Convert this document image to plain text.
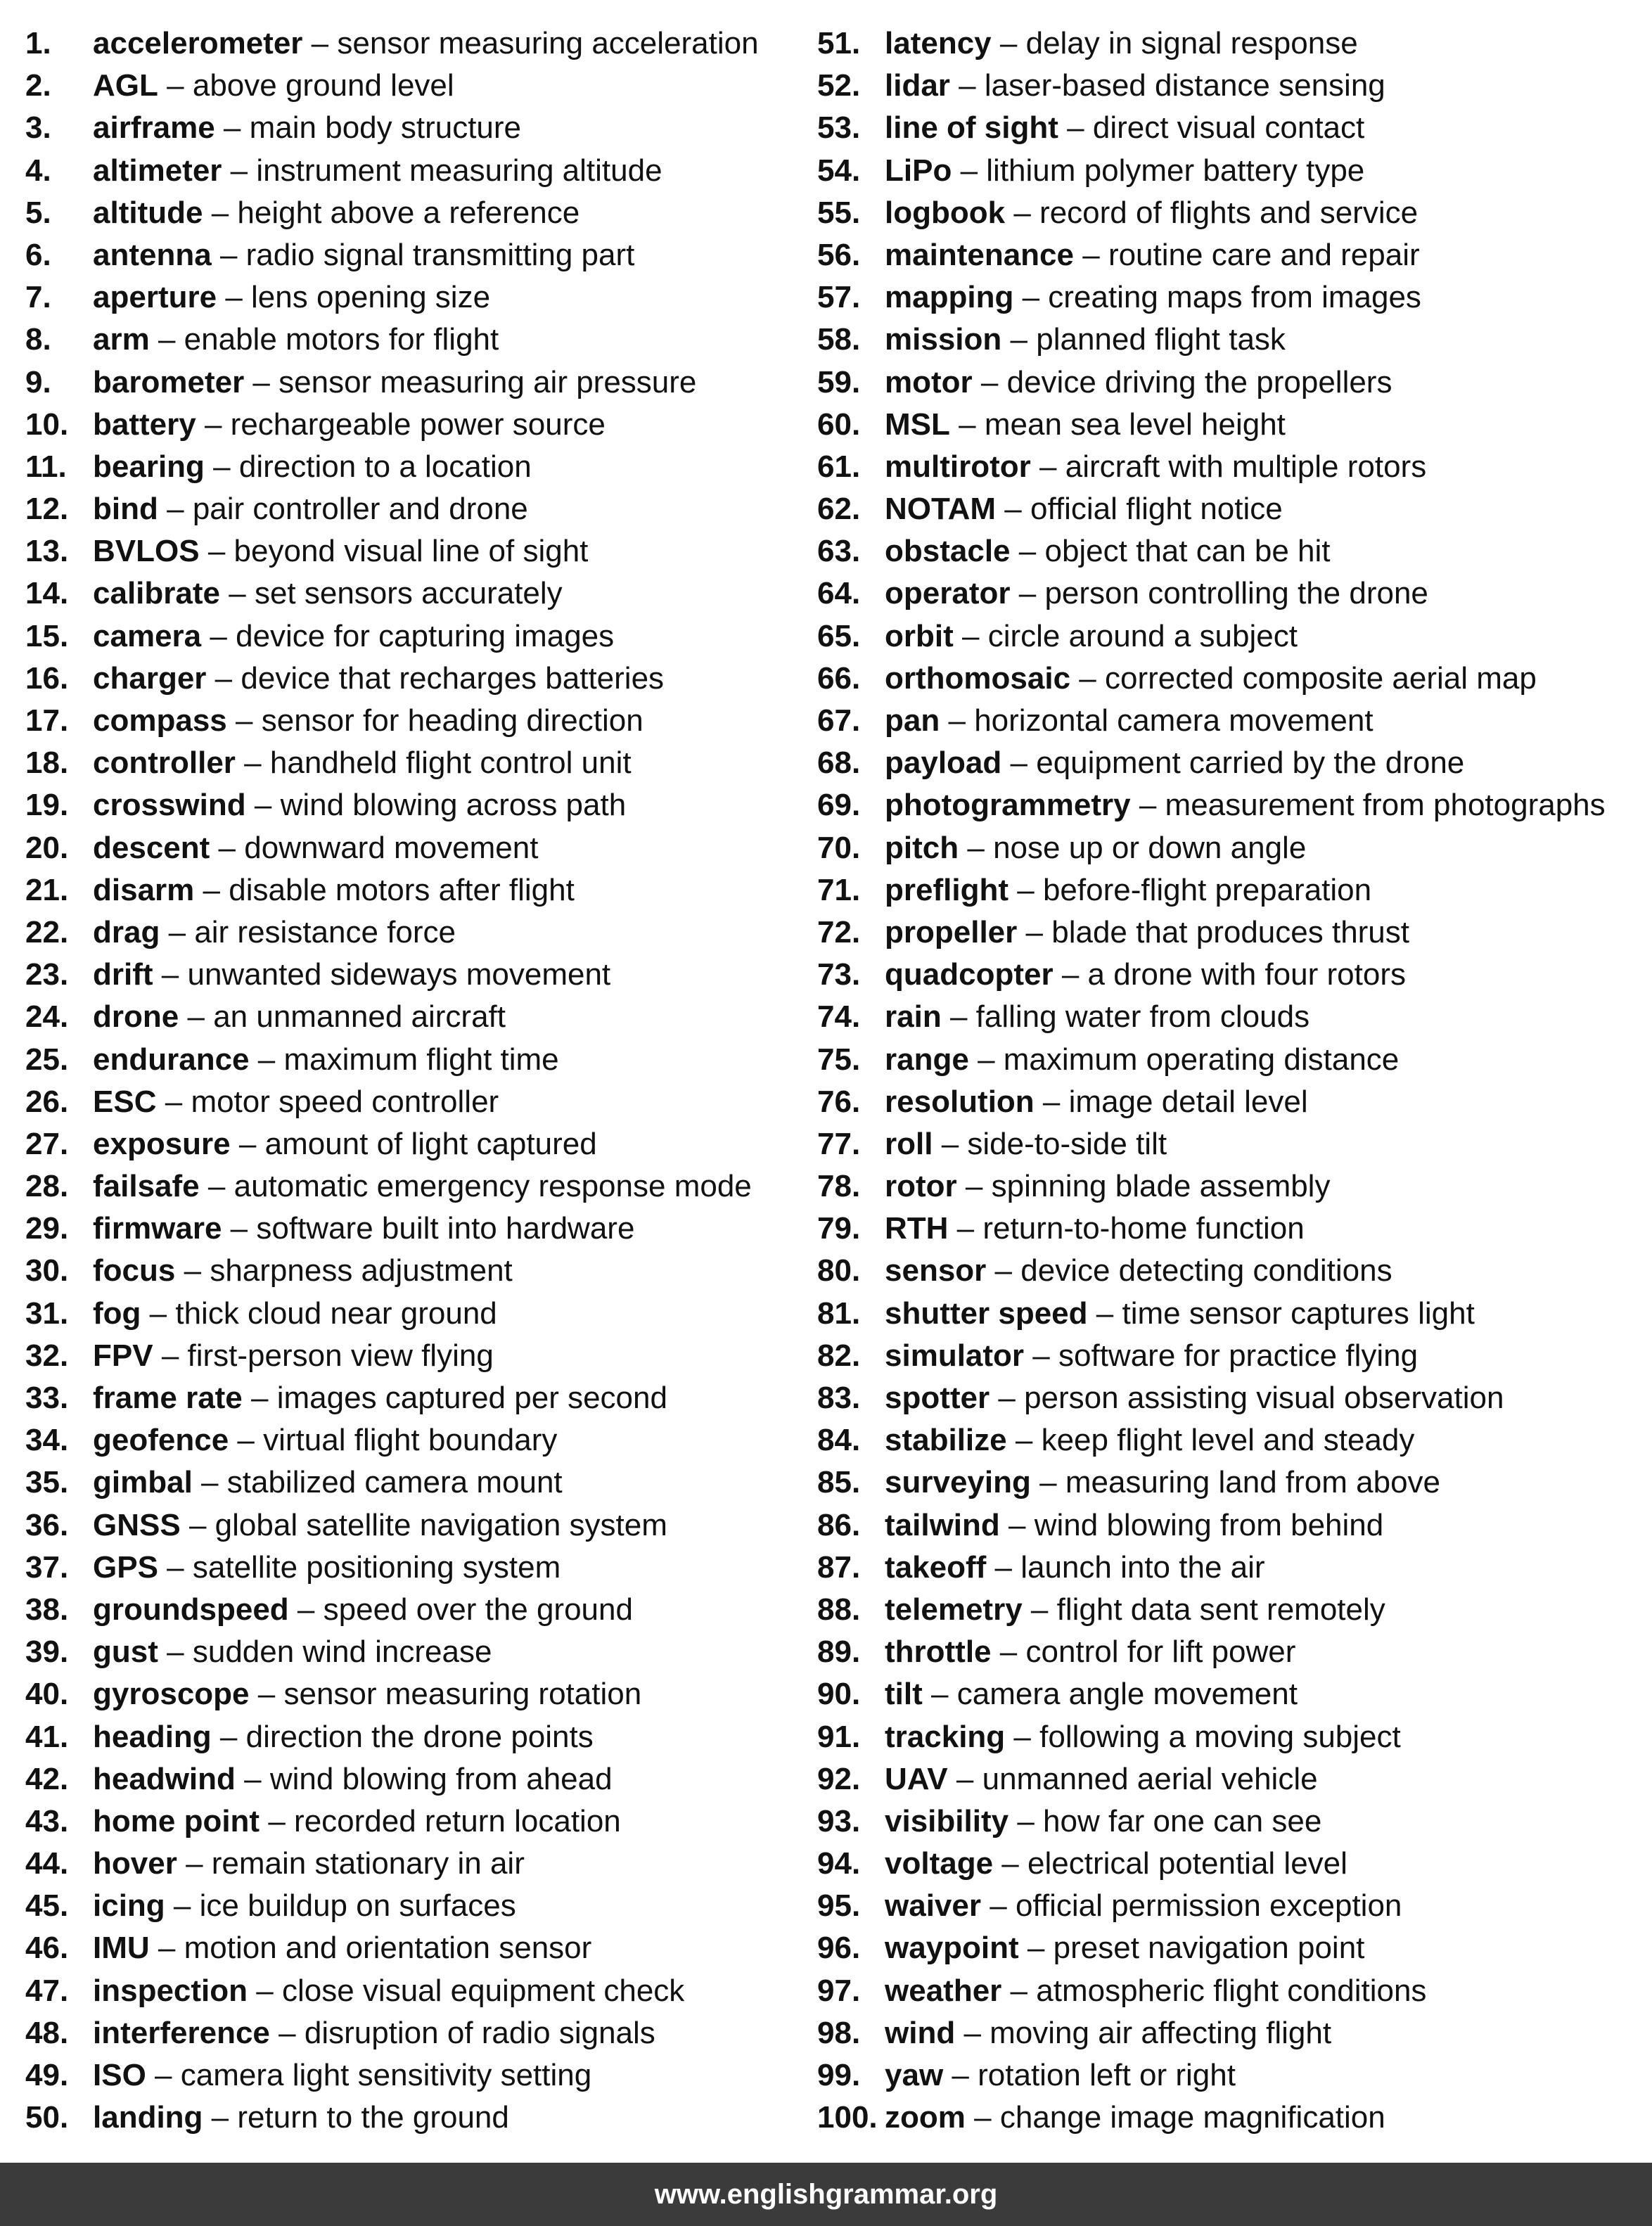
1. accelerometer – sensor measuring acceleration
2. AGL – above ground level
3. airframe – main body structure
4. altimeter – instrument measuring altitude
5. altitude – height above a reference
6. antenna – radio signal transmitting part
7. aperture – lens opening size
8. arm – enable motors for flight
9. barometer – sensor measuring air pressure
10. battery – rechargeable power source
11. bearing – direction to a location
12. bind – pair controller and drone
13. BVLOS – beyond visual line of sight
14. calibrate – set sensors accurately
15. camera – device for capturing images
16. charger – device that recharges batteries
17. compass – sensor for heading direction
18. controller – handheld flight control unit
19. crosswind – wind blowing across path
20. descent – downward movement
21. disarm – disable motors after flight
22. drag – air resistance force
23. drift – unwanted sideways movement
24. drone – an unmanned aircraft
25. endurance – maximum flight time
26. ESC – motor speed controller
27. exposure – amount of light captured
28. failsafe – automatic emergency response mode
29. firmware – software built into hardware
30. focus – sharpness adjustment
31. fog – thick cloud near ground
32. FPV – first-person view flying
33. frame rate – images captured per second
34. geofence – virtual flight boundary
35. gimbal – stabilized camera mount
36. GNSS – global satellite navigation system
37. GPS – satellite positioning system
38. groundspeed – speed over the ground
39. gust – sudden wind increase
40. gyroscope – sensor measuring rotation
41. heading – direction the drone points
42. headwind – wind blowing from ahead
43. home point – recorded return location
44. hover – remain stationary in air
45. icing – ice buildup on surfaces
46. IMU – motion and orientation sensor
47. inspection – close visual equipment check
48. interference – disruption of radio signals
49. ISO – camera light sensitivity setting
50. landing – return to the ground
51. latency – delay in signal response
52. lidar – laser-based distance sensing
53. line of sight – direct visual contact
54. LiPo – lithium polymer battery type
55. logbook – record of flights and service
56. maintenance – routine care and repair
57. mapping – creating maps from images
58. mission – planned flight task
59. motor – device driving the propellers
60. MSL – mean sea level height
61. multirotor – aircraft with multiple rotors
62. NOTAM – official flight notice
63. obstacle – object that can be hit
64. operator – person controlling the drone
65. orbit – circle around a subject
66. orthomosaic – corrected composite aerial map
67. pan – horizontal camera movement
68. payload – equipment carried by the drone
69. photogrammetry – measurement from photographs
70. pitch – nose up or down angle
71. preflight – before-flight preparation
72. propeller – blade that produces thrust
73. quadcopter – a drone with four rotors
74. rain – falling water from clouds
75. range – maximum operating distance
76. resolution – image detail level
77. roll – side-to-side tilt
78. rotor – spinning blade assembly
79. RTH – return-to-home function
80. sensor – device detecting conditions
81. shutter speed – time sensor captures light
82. simulator – software for practice flying
83. spotter – person assisting visual observation
84. stabilize – keep flight level and steady
85. surveying – measuring land from above
86. tailwind – wind blowing from behind
87. takeoff – launch into the air
88. telemetry – flight data sent remotely
89. throttle – control for lift power
90. tilt – camera angle movement
91. tracking – following a moving subject
92. UAV – unmanned aerial vehicle
93. visibility – how far one can see
94. voltage – electrical potential level
95. waiver – official permission exception
96. waypoint – preset navigation point
97. weather – atmospheric flight conditions
98. wind – moving air affecting flight
99. yaw – rotation left or right
100. zoom – change image magnification
www.englishgrammar.org
